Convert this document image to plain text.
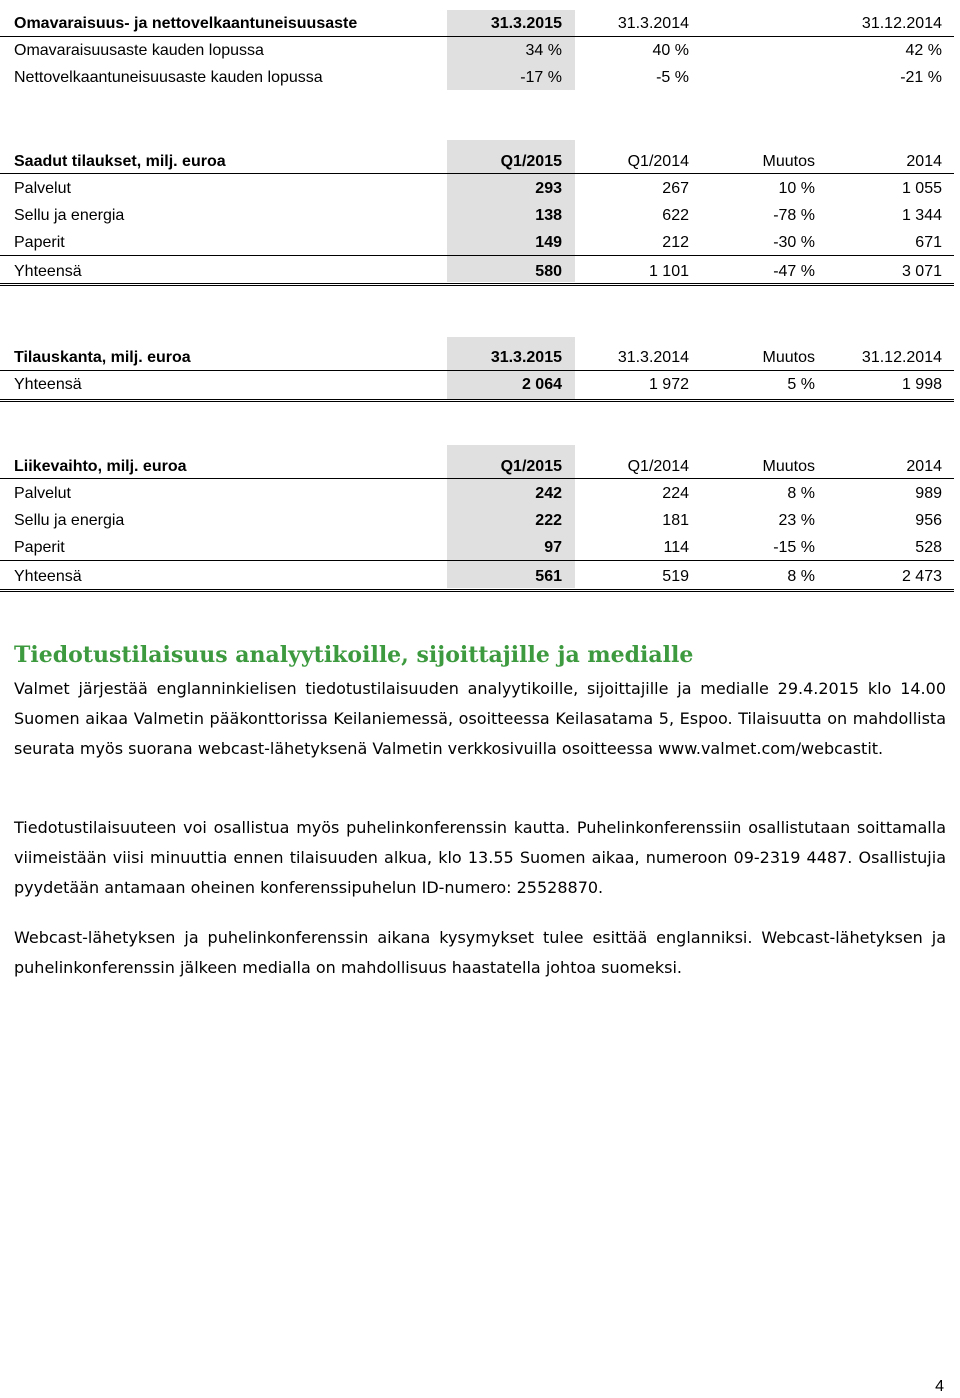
Omavaraisuus- ja nettovelkaantuneisuusaste	31.3.2015	31.3.2014	31.12.2014
Omavaraisuusaste kauden lopussa	34 %	40 %	42 %
Nettovelkaantuneisuusaste kauden lopussa	-17 %	-5 %	-21 %
Saadut tilaukset, milj. euroa	Q1/2015	Q1/2014	Muutos	2014
Palvelut	293	267	10 %	1 055
Sellu ja energia	138	622	-78 %	1 344
Paperit	149	212	-30 %	671
Yhteensä	580	1 101	-47 %	3 071
Tilauskanta, milj. euroa	31.3.2015	31.3.2014	Muutos	31.12.2014
Yhteensä	2 064	1 972	5 %	1 998
Liikevaihto, milj. euroa	Q1/2015	Q1/2014	Muutos	2014
Palvelut	242	224	8 %	989
Sellu ja energia	222	181	23 %	956
Paperit	97	114	-15 %	528
Yhteensä	561	519	8 %	2 473
Tiedotustilaisuus analyytikoille, sijoittajille ja medialle

Valmet järjestää englanninkielisen tiedotustilaisuuden analyytikoille, sijoittajille ja medialle 29.4.2015 klo 14.00 Suomen aikaa Valmetin pääkonttorissa Keilaniemessä, osoitteessa Keilasatama 5, Espoo. Tilaisuutta on mahdollista seurata myös suorana webcast-lähetyksenä Valmetin verkkosivuilla osoitteessa www.valmet.com/webcastit.

Tiedotustilaisuuteen voi osallistua myös puhelinkonferenssin kautta. Puhelinkonferenssiin osallistutaan soittamalla viimeistään viisi minuuttia ennen tilaisuuden alkua, klo 13.55 Suomen aikaa, numeroon 09-2319 4487. Osallistujia pyydetään antamaan oheinen konferenssipuhelun ID-numero: 25528870.

Webcast-lähetyksen ja puhelinkonferenssin aikana kysymykset tulee esittää englanniksi. Webcast-lähetyksen ja puhelinkonferenssin jälkeen medialla on mahdollisuus haastatella johtoa suomeksi.

4
